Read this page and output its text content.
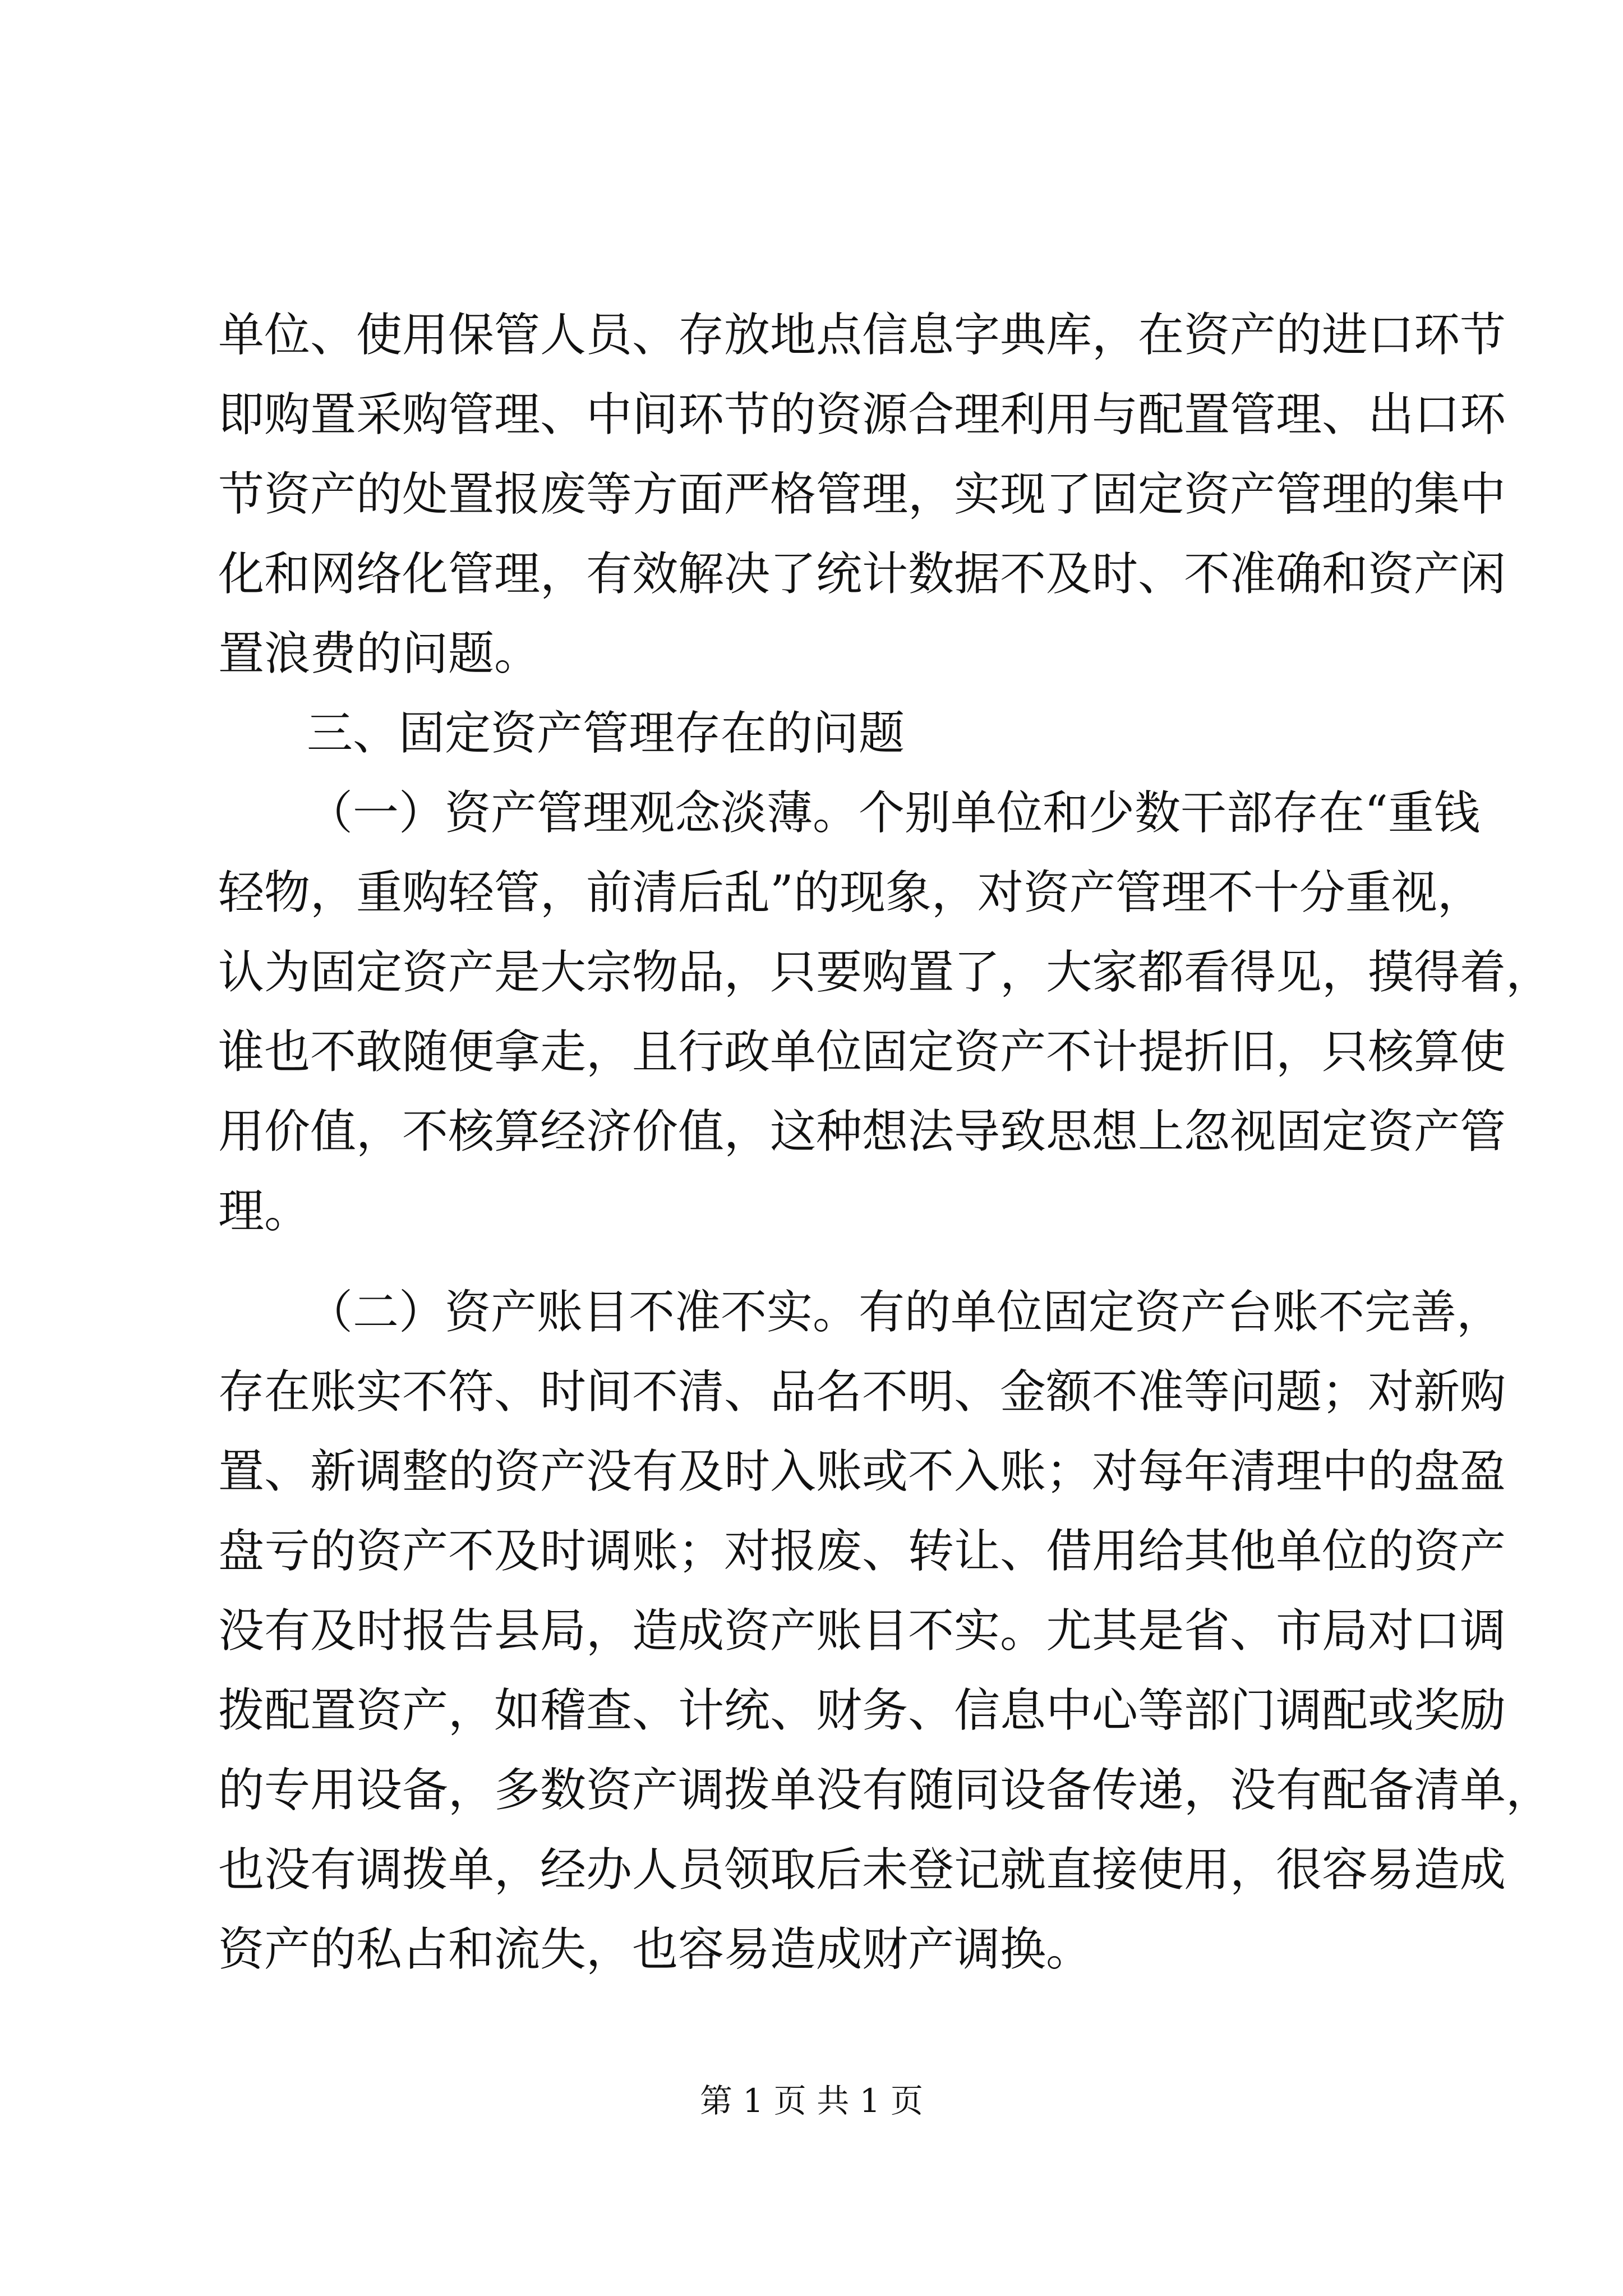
单位、使用保管人员、存放地点信息字典库，在资产的进口环节
即购置采购管理、中间环节的资源合理利用与配置管理、出口环
节资产的处置报废等方面严格管理，实现了固定资产管理的集中
化和网络化管理，有效解决了统计数据不及时、不准确和资产闲
置浪费的问题。
三、固定资产管理存在的问题
（一）资产管理观念淡薄。个别单位和少数干部存在“重钱
轻物，重购轻管，前清后乱”的现象，对资产管理不十分重视，
认为固定资产是大宗物品，只要购置了，大家都看得见，摸得着，
谁也不敢随便拿走，且行政单位固定资产不计提折旧，只核算使
用价值，不核算经济价值，这种想法导致思想上忽视固定资产管
理。
（二）资产账目不准不实。有的单位固定资产台账不完善，
存在账实不符、时间不清、品名不明、金额不准等问题；对新购
置、新调整的资产没有及时入账或不入账；对每年清理中的盘盈
盘亏的资产不及时调账；对报废、转让、借用给其他单位的资产
没有及时报告县局，造成资产账目不实。尤其是省、市局对口调
拨配置资产，如稽查、计统、财务、信息中心等部门调配或奖励
的专用设备，多数资产调拨单没有随同设备传递，没有配备清单，
也没有调拨单，经办人员领取后未登记就直接使用，很容易造成
资产的私占和流失，也容易造成财产调换。
第 1 页 共 1 页
